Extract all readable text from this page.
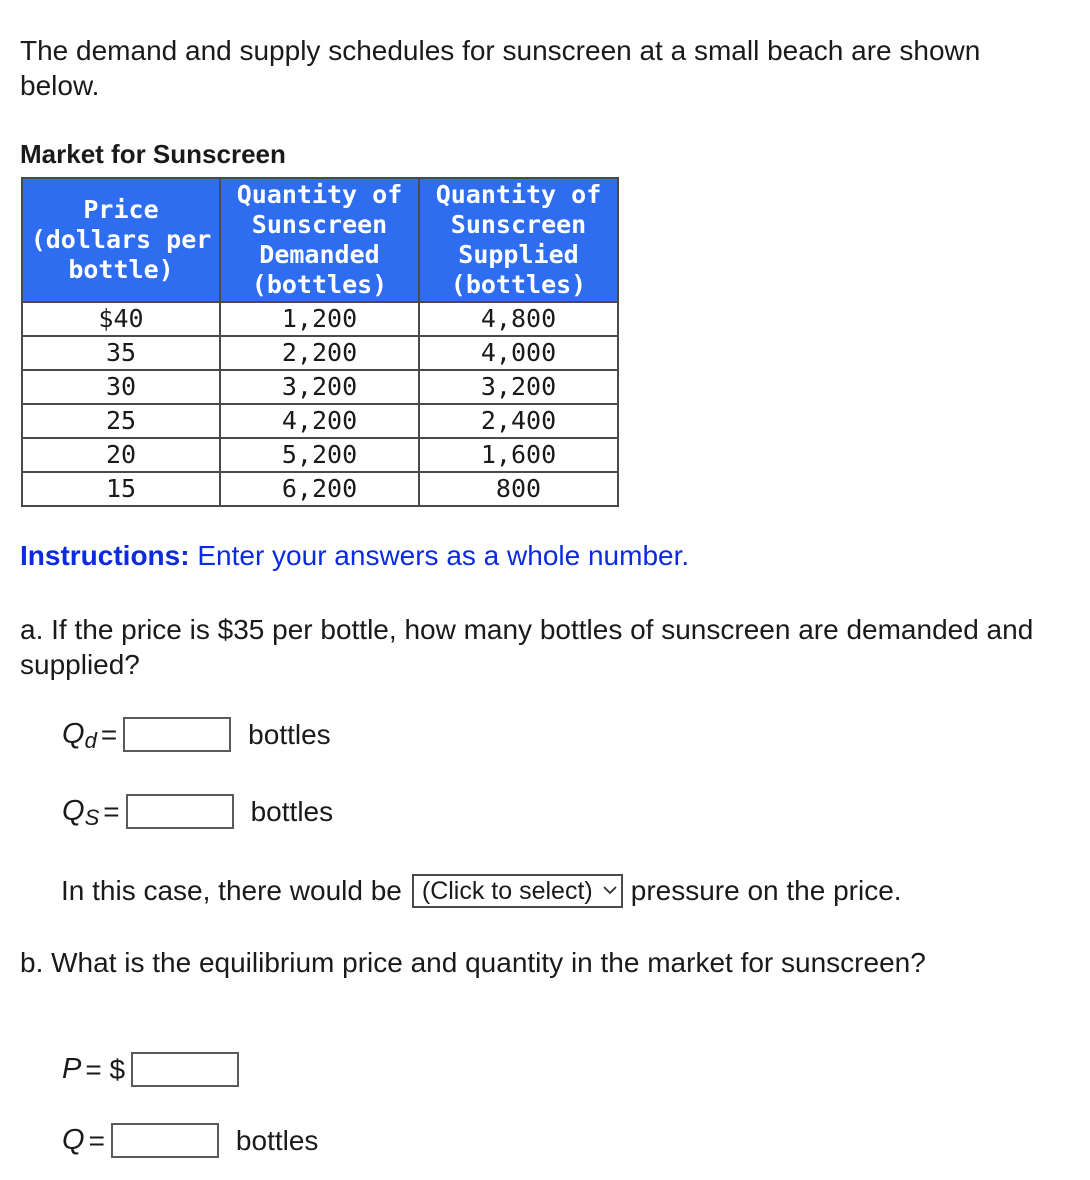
The demand and supply schedules for sunscreen at a small beach are shown below.

Market for Sunscreen

Price
(dollars per
bottle)	Quantity of
Sunscreen
Demanded
(bottles)	Quantity of
Sunscreen
Supplied
(bottles)
$40	1,200	4,800
35	2,200	4,000
30	3,200	3,200
25	4,200	2,400
20	5,200	1,600
15	6,200	800

Instructions: Enter your answers as a whole number.

a. If the price is $35 per bottle, how many bottles of sunscreen are demanded and supplied?

Q d =	bottles
Q S =	bottles
In this case, there would be (Click to select) pressure on the price.

b. What is the equilibrium price and quantity in the market for sunscreen?

P = $
Q =	bottles
